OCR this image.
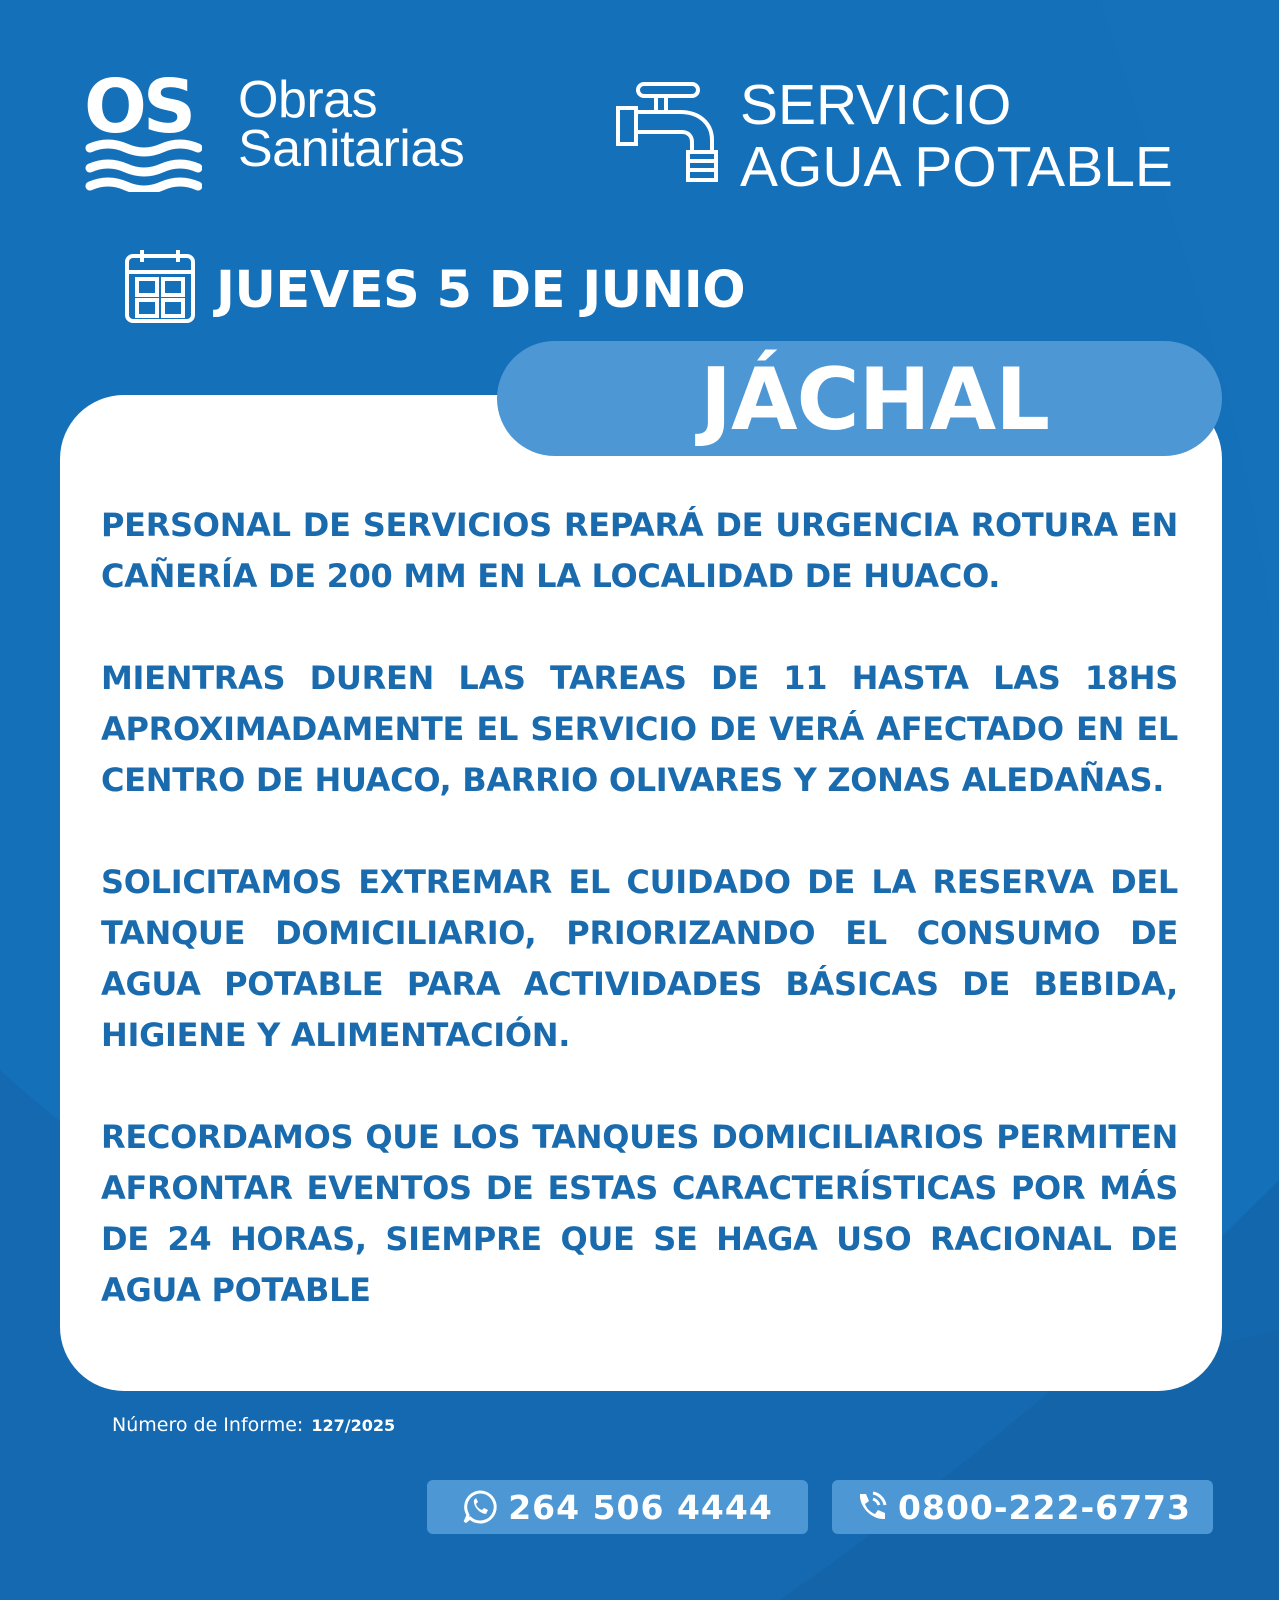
OS Obras
Sanitarias
SERVICIO
AGUA POTABLE
JUEVES 5 DE JUNIO
JÁCHAL

PERSONAL DE SERVICIOS REPARÁ DE URGENCIA ROTURA EN CAÑERÍA DE 200 MM EN LA LOCALIDAD DE HUACO.

MIENTRAS DUREN LAS TAREAS DE 11 HASTA LAS 18HS APROXIMADAMENTE EL SERVICIO DE VERÁ AFECTADO EN EL CENTRO DE HUACO, BARRIO OLIVARES Y ZONAS ALEDAÑAS.

SOLICITAMOS EXTREMAR EL CUIDADO DE LA RESERVA DEL TANQUE DOMICILIARIO, PRIORIZANDO EL CONSUMO DE AGUA POTABLE PARA ACTIVIDADES BÁSICAS DE BEBIDA, HIGIENE Y ALIMENTACIÓN.

RECORDAMOS QUE LOS TANQUES DOMICILIARIOS PERMITEN AFRONTAR EVENTOS DE ESTAS CARACTERÍSTICAS POR MÁS DE 24 HORAS, SIEMPRE QUE SE HAGA USO RACIONAL DE AGUA POTABLE

Número de Informe: 127/2025
264 506 4444	0800-222-6773
